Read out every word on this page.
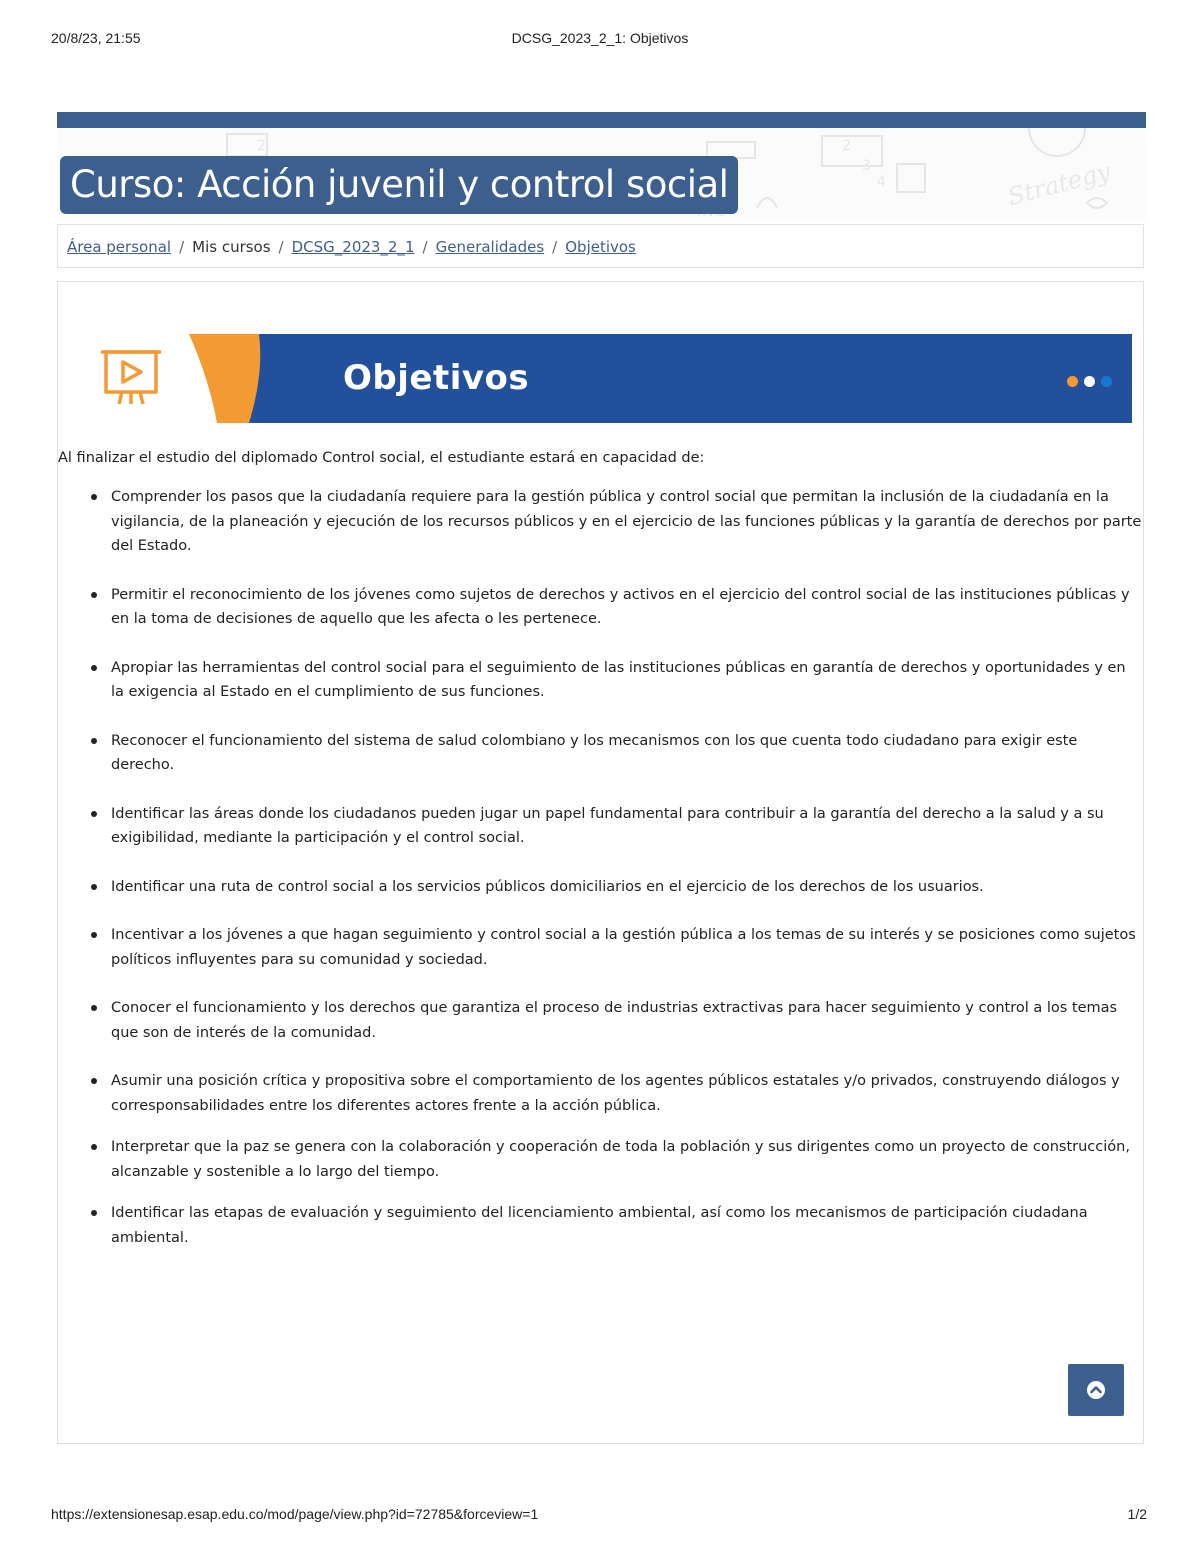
20/8/23, 21:55	DCSG_2023_2_1: Objetivos
2	2
3
4	Strategy
Curso: Acción juvenil y control social
Área personal / Mis cursos / DCSG_2023_2_1 / Generalidades / Objetivos
Objetivos
Al finalizar el estudio del diplomado Control social, el estudiante estará en capacidad de:
Comprender los pasos que la ciudadanía requiere para la gestión pública y control social que permitan la inclusión de la ciudadanía en la vigilancia, de la planeación y ejecución de los recursos públicos y en el ejercicio de las funciones públicas y la garantía de derechos por parte del Estado.
Permitir el reconocimiento de los jóvenes como sujetos de derechos y activos en el ejercicio del control social de las instituciones públicas y en la toma de decisiones de aquello que les afecta o les pertenece.
Apropiar las herramientas del control social para el seguimiento de las instituciones públicas en garantía de derechos y oportunidades y en la exigencia al Estado en el cumplimiento de sus funciones.
Reconocer el funcionamiento del sistema de salud colombiano y los mecanismos con los que cuenta todo ciudadano para exigir este derecho.
Identificar las áreas donde los ciudadanos pueden jugar un papel fundamental para contribuir a la garantía del derecho a la salud y a su exigibilidad, mediante la participación y el control social.
Identificar una ruta de control social a los servicios públicos domiciliarios en el ejercicio de los derechos de los usuarios.
Incentivar a los jóvenes a que hagan seguimiento y control social a la gestión pública a los temas de su interés y se posiciones como sujetos políticos influyentes para su comunidad y sociedad.
Conocer el funcionamiento y los derechos que garantiza el proceso de industrias extractivas para hacer seguimiento y control a los temas que son de interés de la comunidad.
Asumir una posición crítica y propositiva sobre el comportamiento de los agentes públicos estatales y/o privados, construyendo diálogos y corresponsabilidades entre los diferentes actores frente a la acción pública.
Interpretar que la paz se genera con la colaboración y cooperación de toda la población y sus dirigentes como un proyecto de construcción, alcanzable y sostenible a lo largo del tiempo.
Identificar las etapas de evaluación y seguimiento del licenciamiento ambiental, así como los mecanismos de participación ciudadana ambiental.
https://extensionesap.esap.edu.co/mod/page/view.php?id=72785&forceview=1	1/2
